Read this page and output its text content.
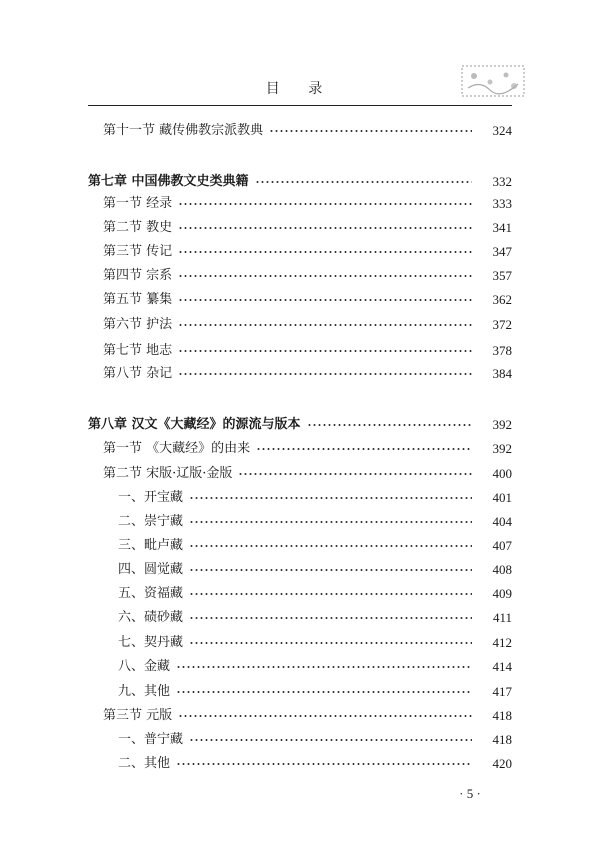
目 录
第十一节 藏传佛教宗派教典	324
第七章 中国佛教文史类典籍	332
第一节 经录	333
第二节 教史	341
第三节 传记	347
第四节 宗系	357
第五节 纂集	362
第六节 护法	372
第七节 地志	378
第八节 杂记	384
第八章 汉文《大藏经》的源流与版本	392
第一节 《大藏经》的由来	392
第二节 宋版·辽版·金版	400
一、开宝藏	401
二、崇宁藏	404
三、毗卢藏	407
四、圆觉藏	408
五、资福藏	409
六、碛砂藏	411
七、契丹藏	412
八、金藏	414
九、其他	417
第三节 元版	418
一、普宁藏	418
二、其他	420
· 5 ·
